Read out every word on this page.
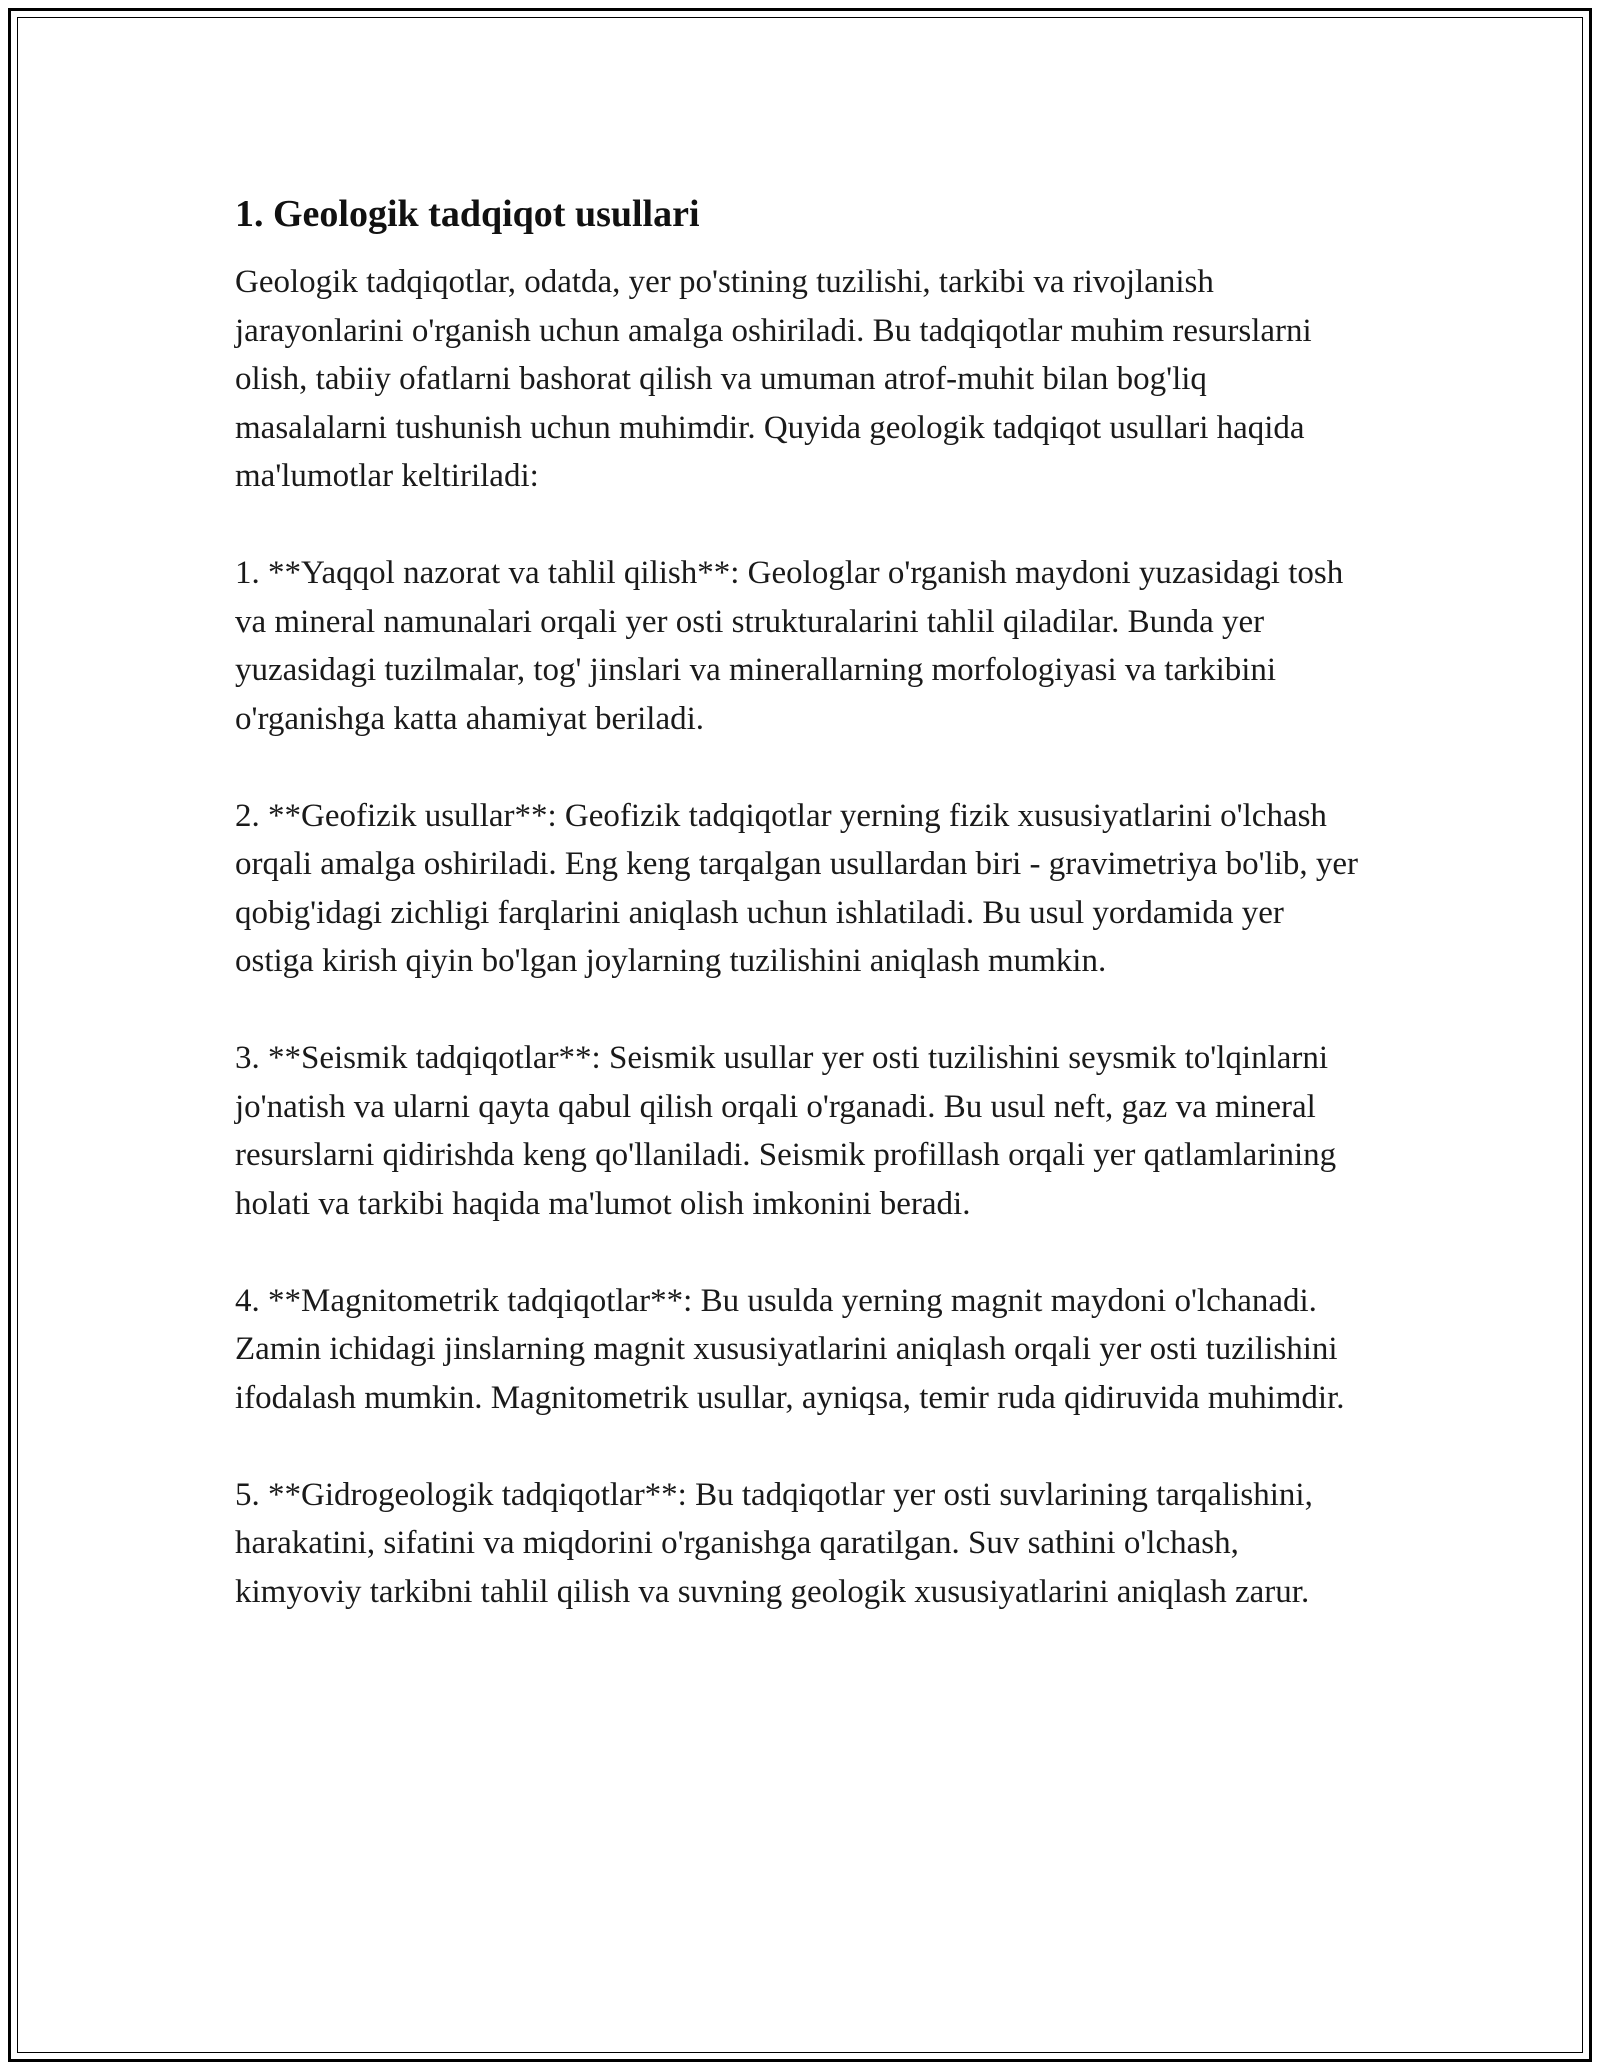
1. Geologik tadqiqot usullari

Geologik tadqiqotlar, odatda, yer po'stining tuzilishi, tarkibi va rivojlanish jarayonlarini o'rganish uchun amalga oshiriladi. Bu tadqiqotlar muhim resurslarni olish, tabiiy ofatlarni bashorat qilish va umuman atrof-muhit bilan bog'liq masalalarni tushunish uchun muhimdir. Quyida geologik tadqiqot usullari haqida ma'lumotlar keltiriladi:

1. **Yaqqol nazorat va tahlil qilish**: Geologlar o'rganish maydoni yuzasidagi tosh va mineral namunalari orqali yer osti strukturalarini tahlil qiladilar. Bunda yer yuzasidagi tuzilmalar, tog' jinslari va minerallarning morfologiyasi va tarkibini o'rganishga katta ahamiyat beriladi.

2. **Geofizik usullar**: Geofizik tadqiqotlar yerning fizik xususiyatlarini o'lchash orqali amalga oshiriladi. Eng keng tarqalgan usullardan biri - gravimetriya bo'lib, yer qobig'idagi zichligi farqlarini aniqlash uchun ishlatiladi. Bu usul yordamida yer ostiga kirish qiyin bo'lgan joylarning tuzilishini aniqlash mumkin.

3. **Seismik tadqiqotlar**: Seismik usullar yer osti tuzilishini seysmik to'lqinlarni jo'natish va ularni qayta qabul qilish orqali o'rganadi. Bu usul neft, gaz va mineral resurslarni qidirishda keng qo'llaniladi. Seismik profillash orqali yer qatlamlarining holati va tarkibi haqida ma'lumot olish imkonini beradi.

4. **Magnitometrik tadqiqotlar**: Bu usulda yerning magnit maydoni o'lchanadi. Zamin ichidagi jinslarning magnit xususiyatlarini aniqlash orqali yer osti tuzilishini ifodalash mumkin. Magnitometrik usullar, ayniqsa, temir ruda qidiruvida muhimdir.

5. **Gidrogeologik tadqiqotlar**: Bu tadqiqotlar yer osti suvlarining tarqalishini, harakatini, sifatini va miqdorini o'rganishga qaratilgan. Suv sathini o'lchash, kimyoviy tarkibni tahlil qilish va suvning geologik xususiyatlarini aniqlash zarur.
